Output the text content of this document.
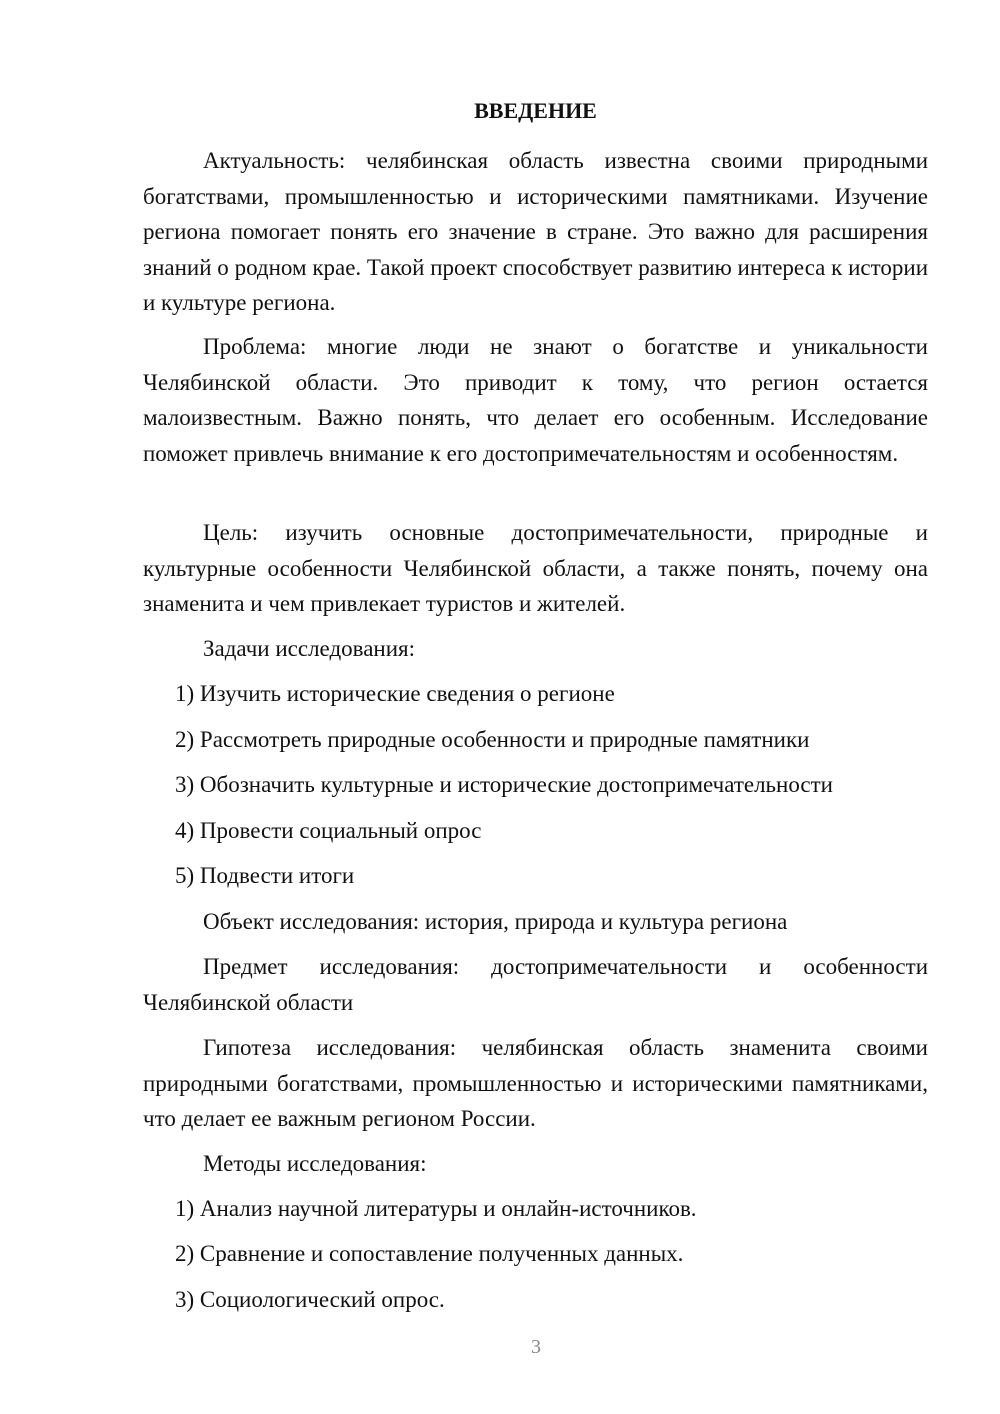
ВВЕДЕНИЕ

Актуальность: челябинская область известна своими природными богатствами, промышленностью и историческими памятниками. Изучение региона помогает понять его значение в стране. Это важно для расширения знаний о родном крае. Такой проект способствует развитию интереса к истории и культуре региона.

Проблема: многие люди не знают о богатстве и уникальности Челябинской области. Это приводит к тому, что регион остается малоизвестным. Важно понять, что делает его особенным. Исследование поможет привлечь внимание к его достопримечательностям и особенностям.

Цель: изучить основные достопримечательности, природные и культурные особенности Челябинской области, а также понять, почему она знаменита и чем привлекает туристов и жителей.

Задачи исследования:

1) Изучить исторические сведения о регионе

2) Рассмотреть природные особенности и природные памятники

3) Обозначить культурные и исторические достопримечательности

4) Провести социальный опрос

5) Подвести итоги

Объект исследования: история, природа и культура региона

Предмет исследования: достопримечательности и особенности Челябинской области

Гипотеза исследования: челябинская область знаменита своими природными богатствами, промышленностью и историческими памятниками, что делает ее важным регионом России.

Методы исследования:

1) Анализ научной литературы и онлайн-источников.

2) Сравнение и сопоставление полученных данных.

3) Социологический опрос.

3
